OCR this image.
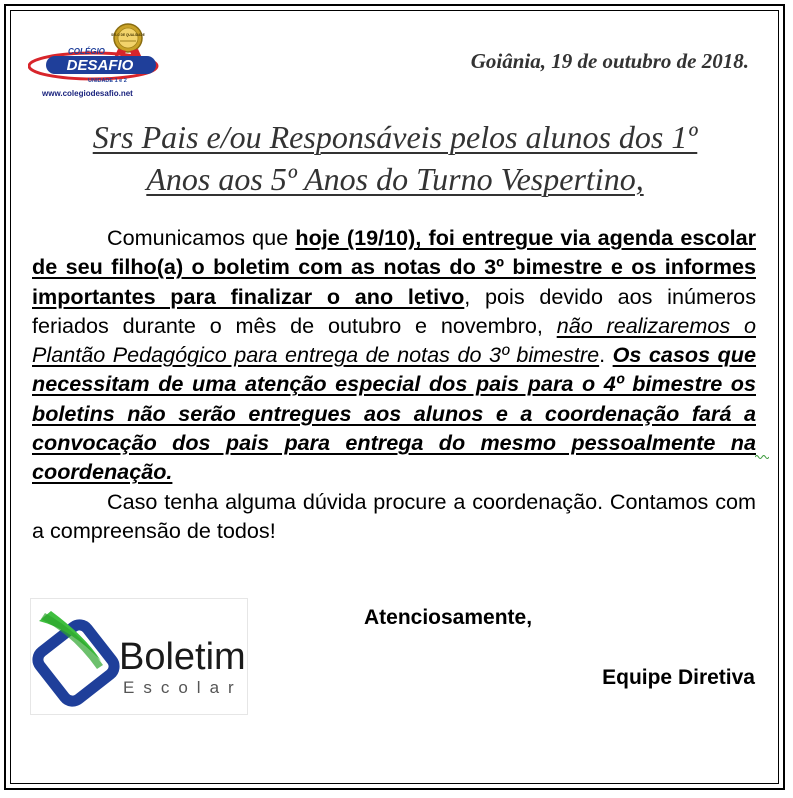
SELO DE QUALIDADE
COLÉGIO
DESAFIO
UNIDADE 1 e 2
www.colegiodesafio.net
Goiânia, 19 de outubro de 2018.
Srs Pais e/ou Responsáveis pelos alunos dos 1º
Anos aos 5º Anos do Turno Vespertino,

Comunicamos que hoje (19/10), foi entregue via agenda escolar de seu filho(a) o boletim com as notas do 3º bimestre e os informes importantes para finalizar o ano letivo, pois devido aos inúmeros feriados durante o mês de outubro e novembro, não realizaremos o Plantão Pedagógico para entrega de notas do 3º bimestre. Os casos que necessitam de uma atenção especial dos pais para o 4º bimestre os boletins não serão entregues aos alunos e a coordenação fará a convocação dos pais para entrega do mesmo pessoalmente na coordenação.

Caso tenha alguma dúvida procure a coordenação. Contamos com a compreensão de todos!

Boletim
Escolar
Atenciosamente,
Equipe Diretiva
